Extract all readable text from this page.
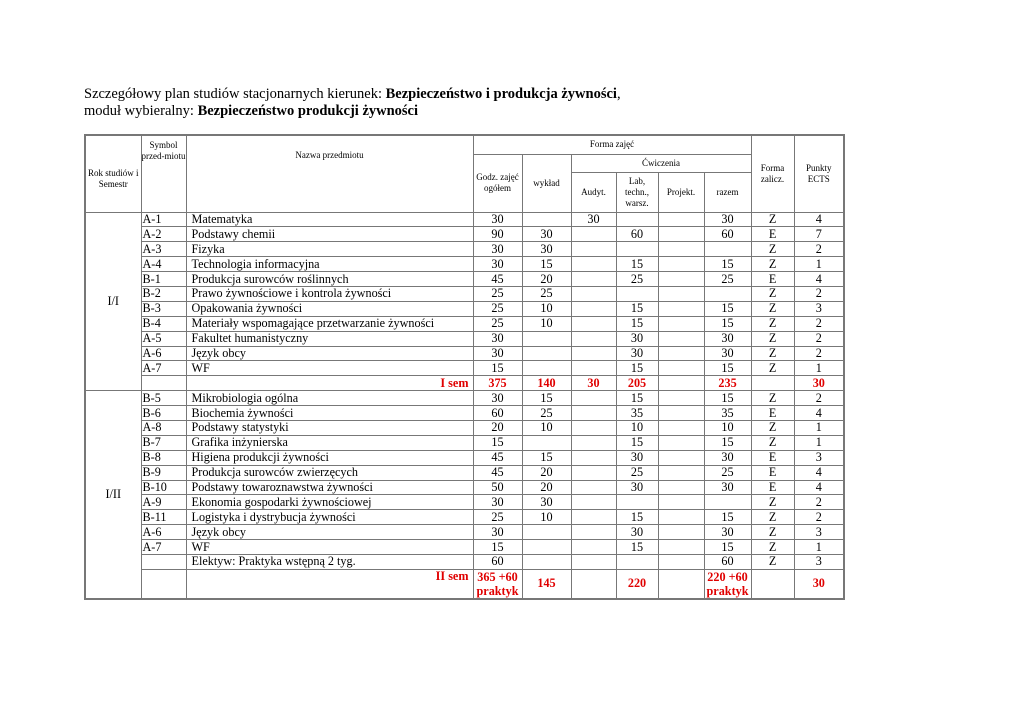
Szczegółowy plan studiów stacjonarnych kierunek: Bezpieczeństwo i produkcja żywności,
moduł wybieralny: Bezpieczeństwo produkcji żywności
Rok studiów i Semestr	Symbol przed-miotu	Nazwa przedmiotu	Forma zajęć						Forma zalicz.	Punkty ECTS
			Godz. zajęć ogółem	wykład	Ćwiczenia					
					Audyt.	Lab, techn., warsz.	Projekt.	razem		
I/I	A-1	Matematyka	30		30			30	Z	4
	A-2	Podstawy chemii	90	30		60		60	E	7
	A-3	Fizyka	30	30					Z	2
	A-4	Technologia informacyjna	30	15		15		15	Z	1
	B-1	Produkcja surowców roślinnych	45	20		25		25	E	4
	B-2	Prawo żywnościowe i kontrola żywności	25	25					Z	2
	B-3	Opakowania żywności	25	10		15		15	Z	3
	B-4	Materiały wspomagające przetwarzanie żywności	25	10		15		15	Z	2
	A-5	Fakultet humanistyczny	30			30		30	Z	2
	A-6	Język obcy	30			30		30	Z	2
	A-7	WF	15			15		15	Z	1
		I sem	375	140	30	205		235		30
I/II	B-5	Mikrobiologia ogólna	30	15		15		15	Z	2
	B-6	Biochemia żywności	60	25		35		35	E	4
	A-8	Podstawy statystyki	20	10		10		10	Z	1
	B-7	Grafika inżynierska	15			15		15	Z	1
	B-8	Higiena produkcji żywności	45	15		30		30	E	3
	B-9	Produkcja surowców zwierzęcych	45	20		25		25	E	4
	B-10	Podstawy towaroznawstwa żywności	50	20		30		30	E	4
	A-9	Ekonomia gospodarki żywnościowej	30	30					Z	2
	B-11	Logistyka i dystrybucja żywności	25	10		15		15	Z	2
	A-6	Język obcy	30			30		30	Z	3
	A-7	WF	15			15		15	Z	1
		Elektyw: Praktyka wstępną 2 tyg.	60					60	Z	3
		II sem	365 +60 praktyk	145		220		220 +60 praktyk		30
